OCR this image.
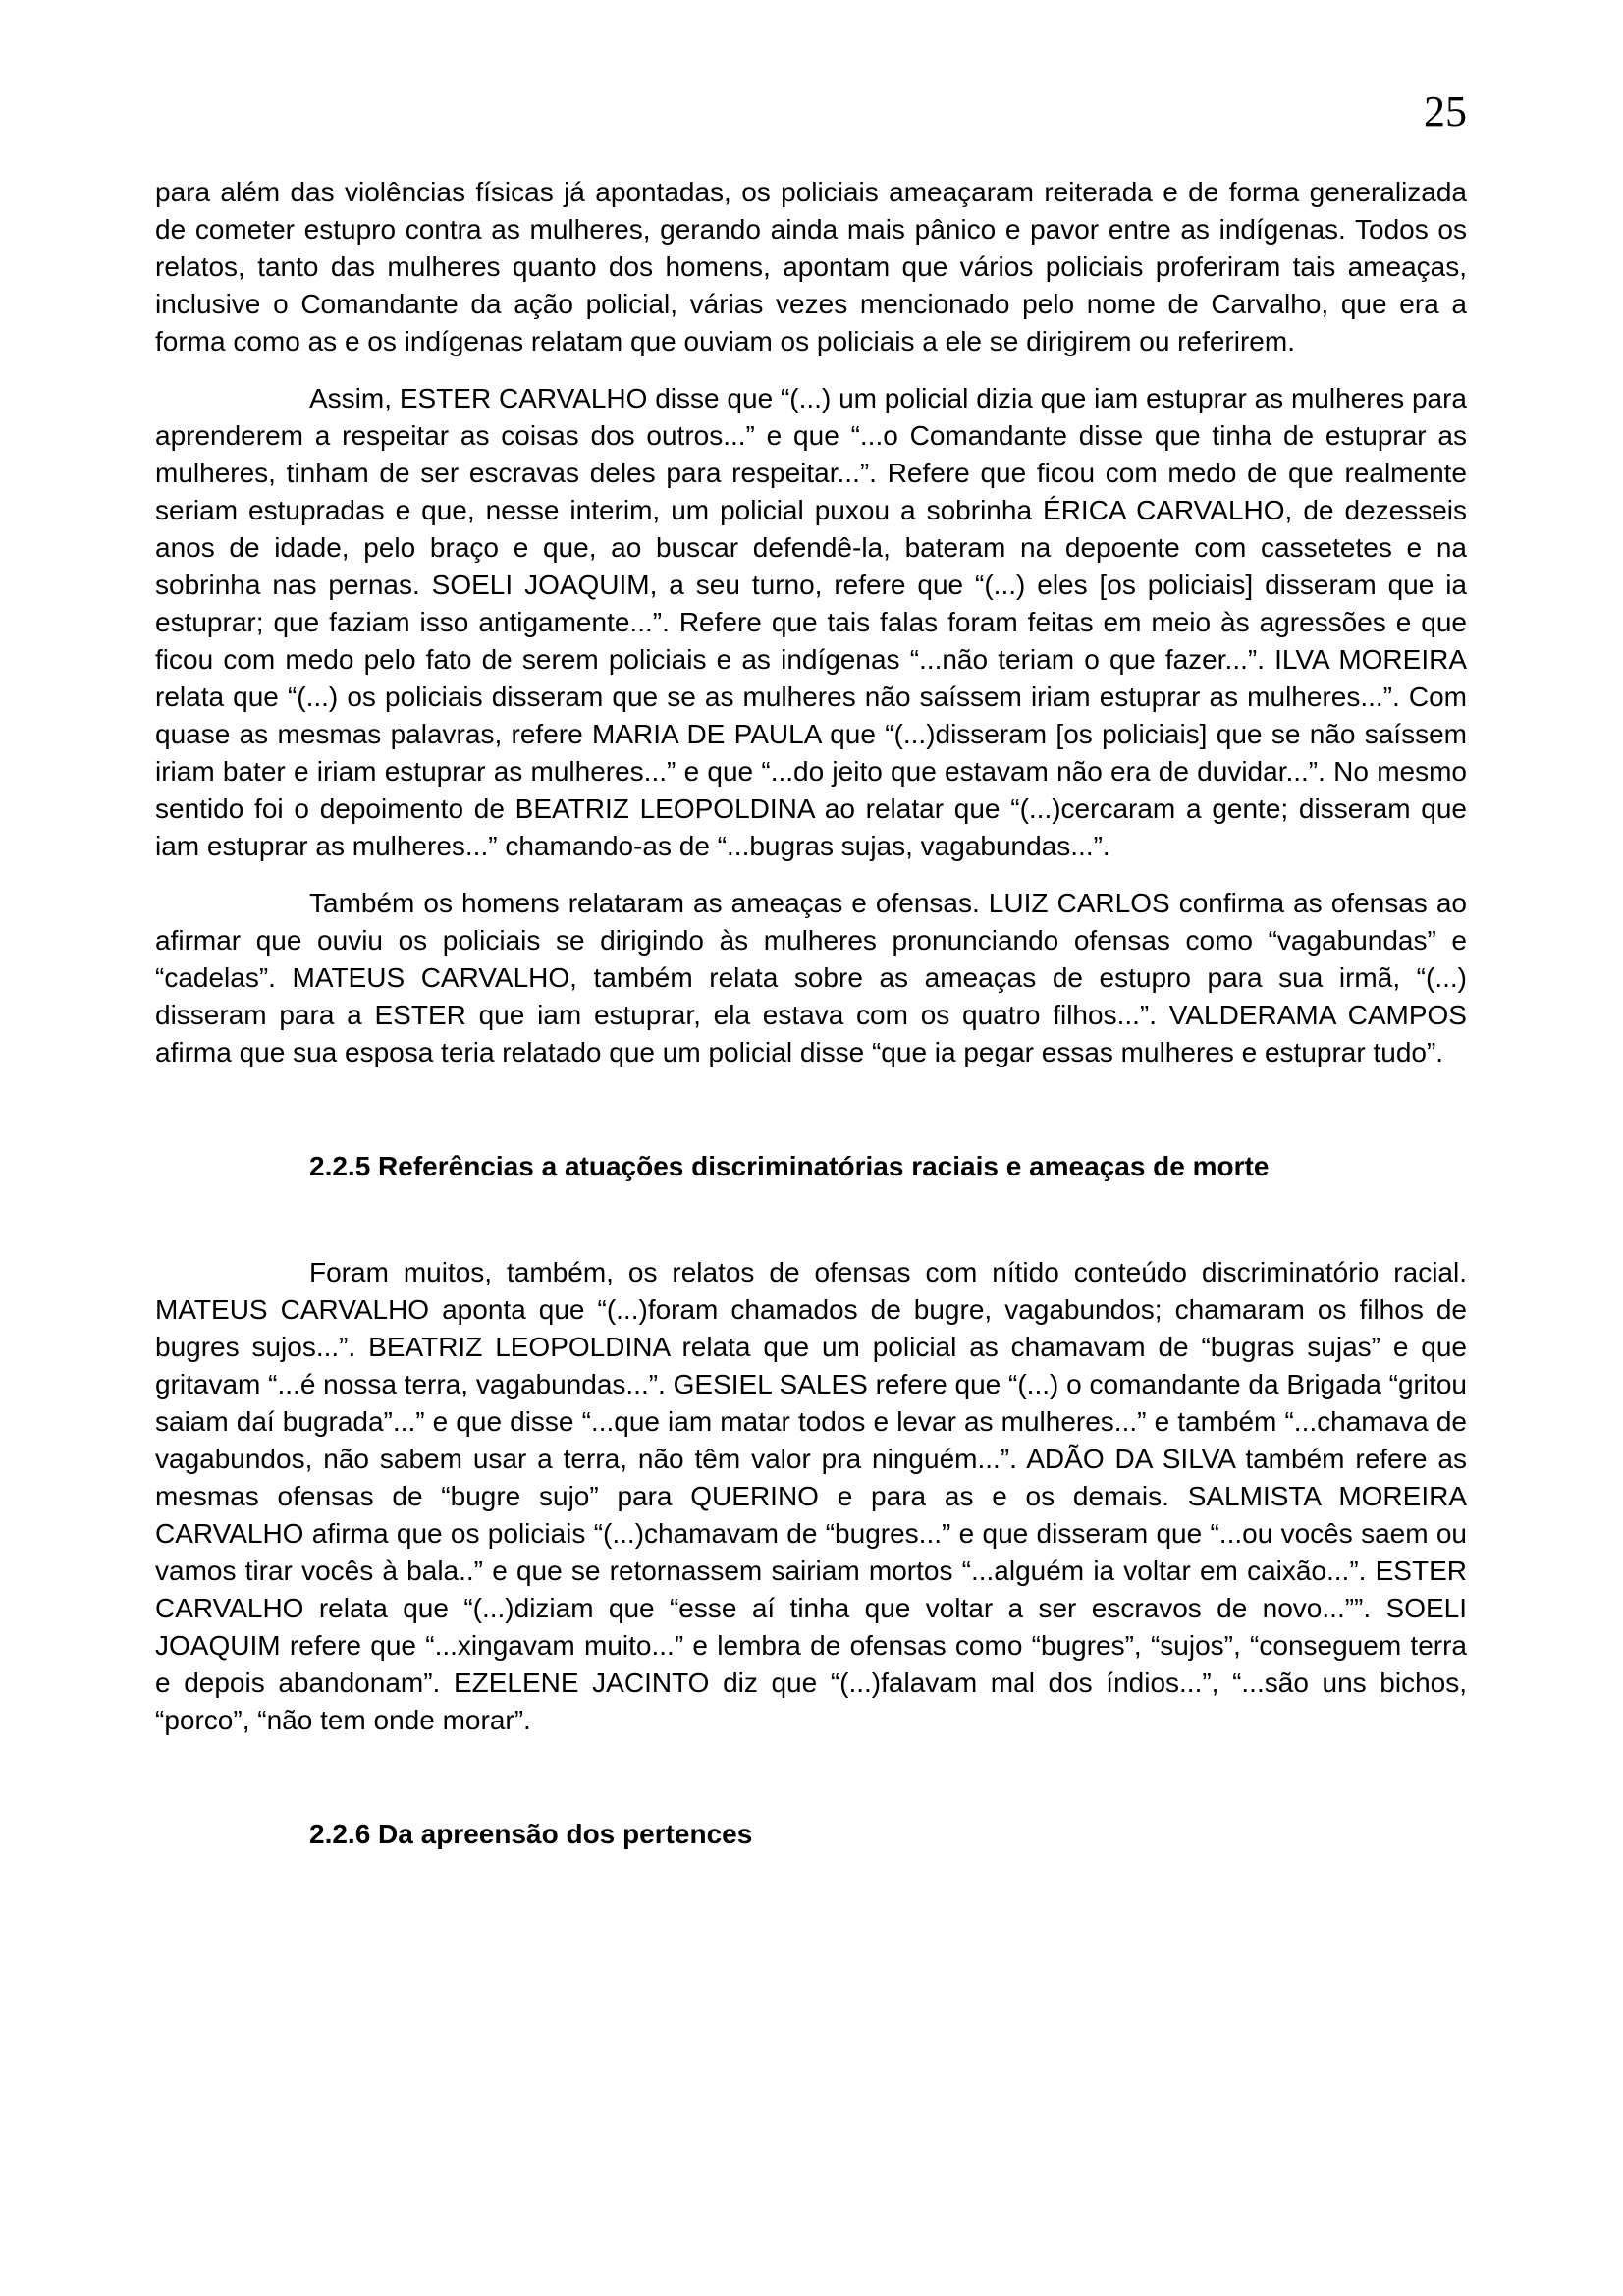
25

para além das violências físicas já apontadas, os policiais ameaçaram reiterada e de forma generalizada de cometer estupro contra as mulheres, gerando ainda mais pânico e pavor entre as indígenas. Todos os relatos, tanto das mulheres quanto dos homens, apontam que vários policiais proferiram tais ameaças, inclusive o Comandante da ação policial, várias vezes mencionado pelo nome de Carvalho, que era a forma como as e os indígenas relatam que ouviam os policiais a ele se dirigirem ou referirem.

Assim, ESTER CARVALHO disse que “(...) um policial dizia que iam estuprar as mulheres para aprenderem a respeitar as coisas dos outros...” e que “...o Comandante disse que tinha de estuprar as mulheres, tinham de ser escravas deles para respeitar...”. Refere que ficou com medo de que realmente seriam estupradas e que, nesse interim, um policial puxou a sobrinha ÉRICA CARVALHO, de dezesseis anos de idade, pelo braço e que, ao buscar defendê-la, bateram na depoente com cassetetes e na sobrinha nas pernas. SOELI JOAQUIM, a seu turno, refere que “(...) eles [os policiais] disseram que ia estuprar; que faziam isso antigamente...”. Refere que tais falas foram feitas em meio às agressões e que ficou com medo pelo fato de serem policiais e as indígenas “...não teriam o que fazer...”. ILVA MOREIRA relata que “(...) os policiais disseram que se as mulheres não saíssem iriam estuprar as mulheres...”. Com quase as mesmas palavras, refere MARIA DE PAULA que “(...)disseram [os policiais] que se não saíssem iriam bater e iriam estuprar as mulheres...” e que “...do jeito que estavam não era de duvidar...”. No mesmo sentido foi o depoimento de BEATRIZ LEOPOLDINA ao relatar que “(...)cercaram a gente; disseram que iam estuprar as mulheres...” chamando-as de “...bugras sujas, vagabundas...”.

Também os homens relataram as ameaças e ofensas. LUIZ CARLOS confirma as ofensas ao afirmar que ouviu os policiais se dirigindo às mulheres pronunciando ofensas como “vagabundas” e “cadelas”. MATEUS CARVALHO, também relata sobre as ameaças de estupro para sua irmã, “(...) disseram para a ESTER que iam estuprar, ela estava com os quatro filhos...”. VALDERAMA CAMPOS afirma que sua esposa teria relatado que um policial disse “que ia pegar essas mulheres e estuprar tudo”.

2.2.5 Referências a atuações discriminatórias raciais e ameaças de morte

Foram muitos, também, os relatos de ofensas com nítido conteúdo discriminatório racial. MATEUS CARVALHO aponta que “(...)foram chamados de bugre, vagabundos; chamaram os filhos de bugres sujos...”. BEATRIZ LEOPOLDINA relata que um policial as chamavam de “bugras sujas” e que gritavam “...é nossa terra, vagabundas...”. GESIEL SALES refere que “(...) o comandante da Brigada “gritou saiam daí bugrada”...” e que disse “...que iam matar todos e levar as mulheres...” e também “...chamava de vagabundos, não sabem usar a terra, não têm valor pra ninguém...”. ADÃO DA SILVA também refere as mesmas ofensas de “bugre sujo” para QUERINO e para as e os demais. SALMISTA MOREIRA CARVALHO afirma que os policiais “(...)chamavam de “bugres...” e que disseram que “...ou vocês saem ou vamos tirar vocês à bala..” e que se retornassem sairiam mortos “...alguém ia voltar em caixão...”. ESTER CARVALHO relata que “(...)diziam que “esse aí tinha que voltar a ser escravos de novo...””. SOELI JOAQUIM refere que “...xingavam muito...” e lembra de ofensas como “bugres”, “sujos”, “conseguem terra e depois abandonam”. EZELENE JACINTO diz que “(...)falavam mal dos índios...”, “...são uns bichos, “porco”, “não tem onde morar”.

2.2.6 Da apreensão dos pertences
